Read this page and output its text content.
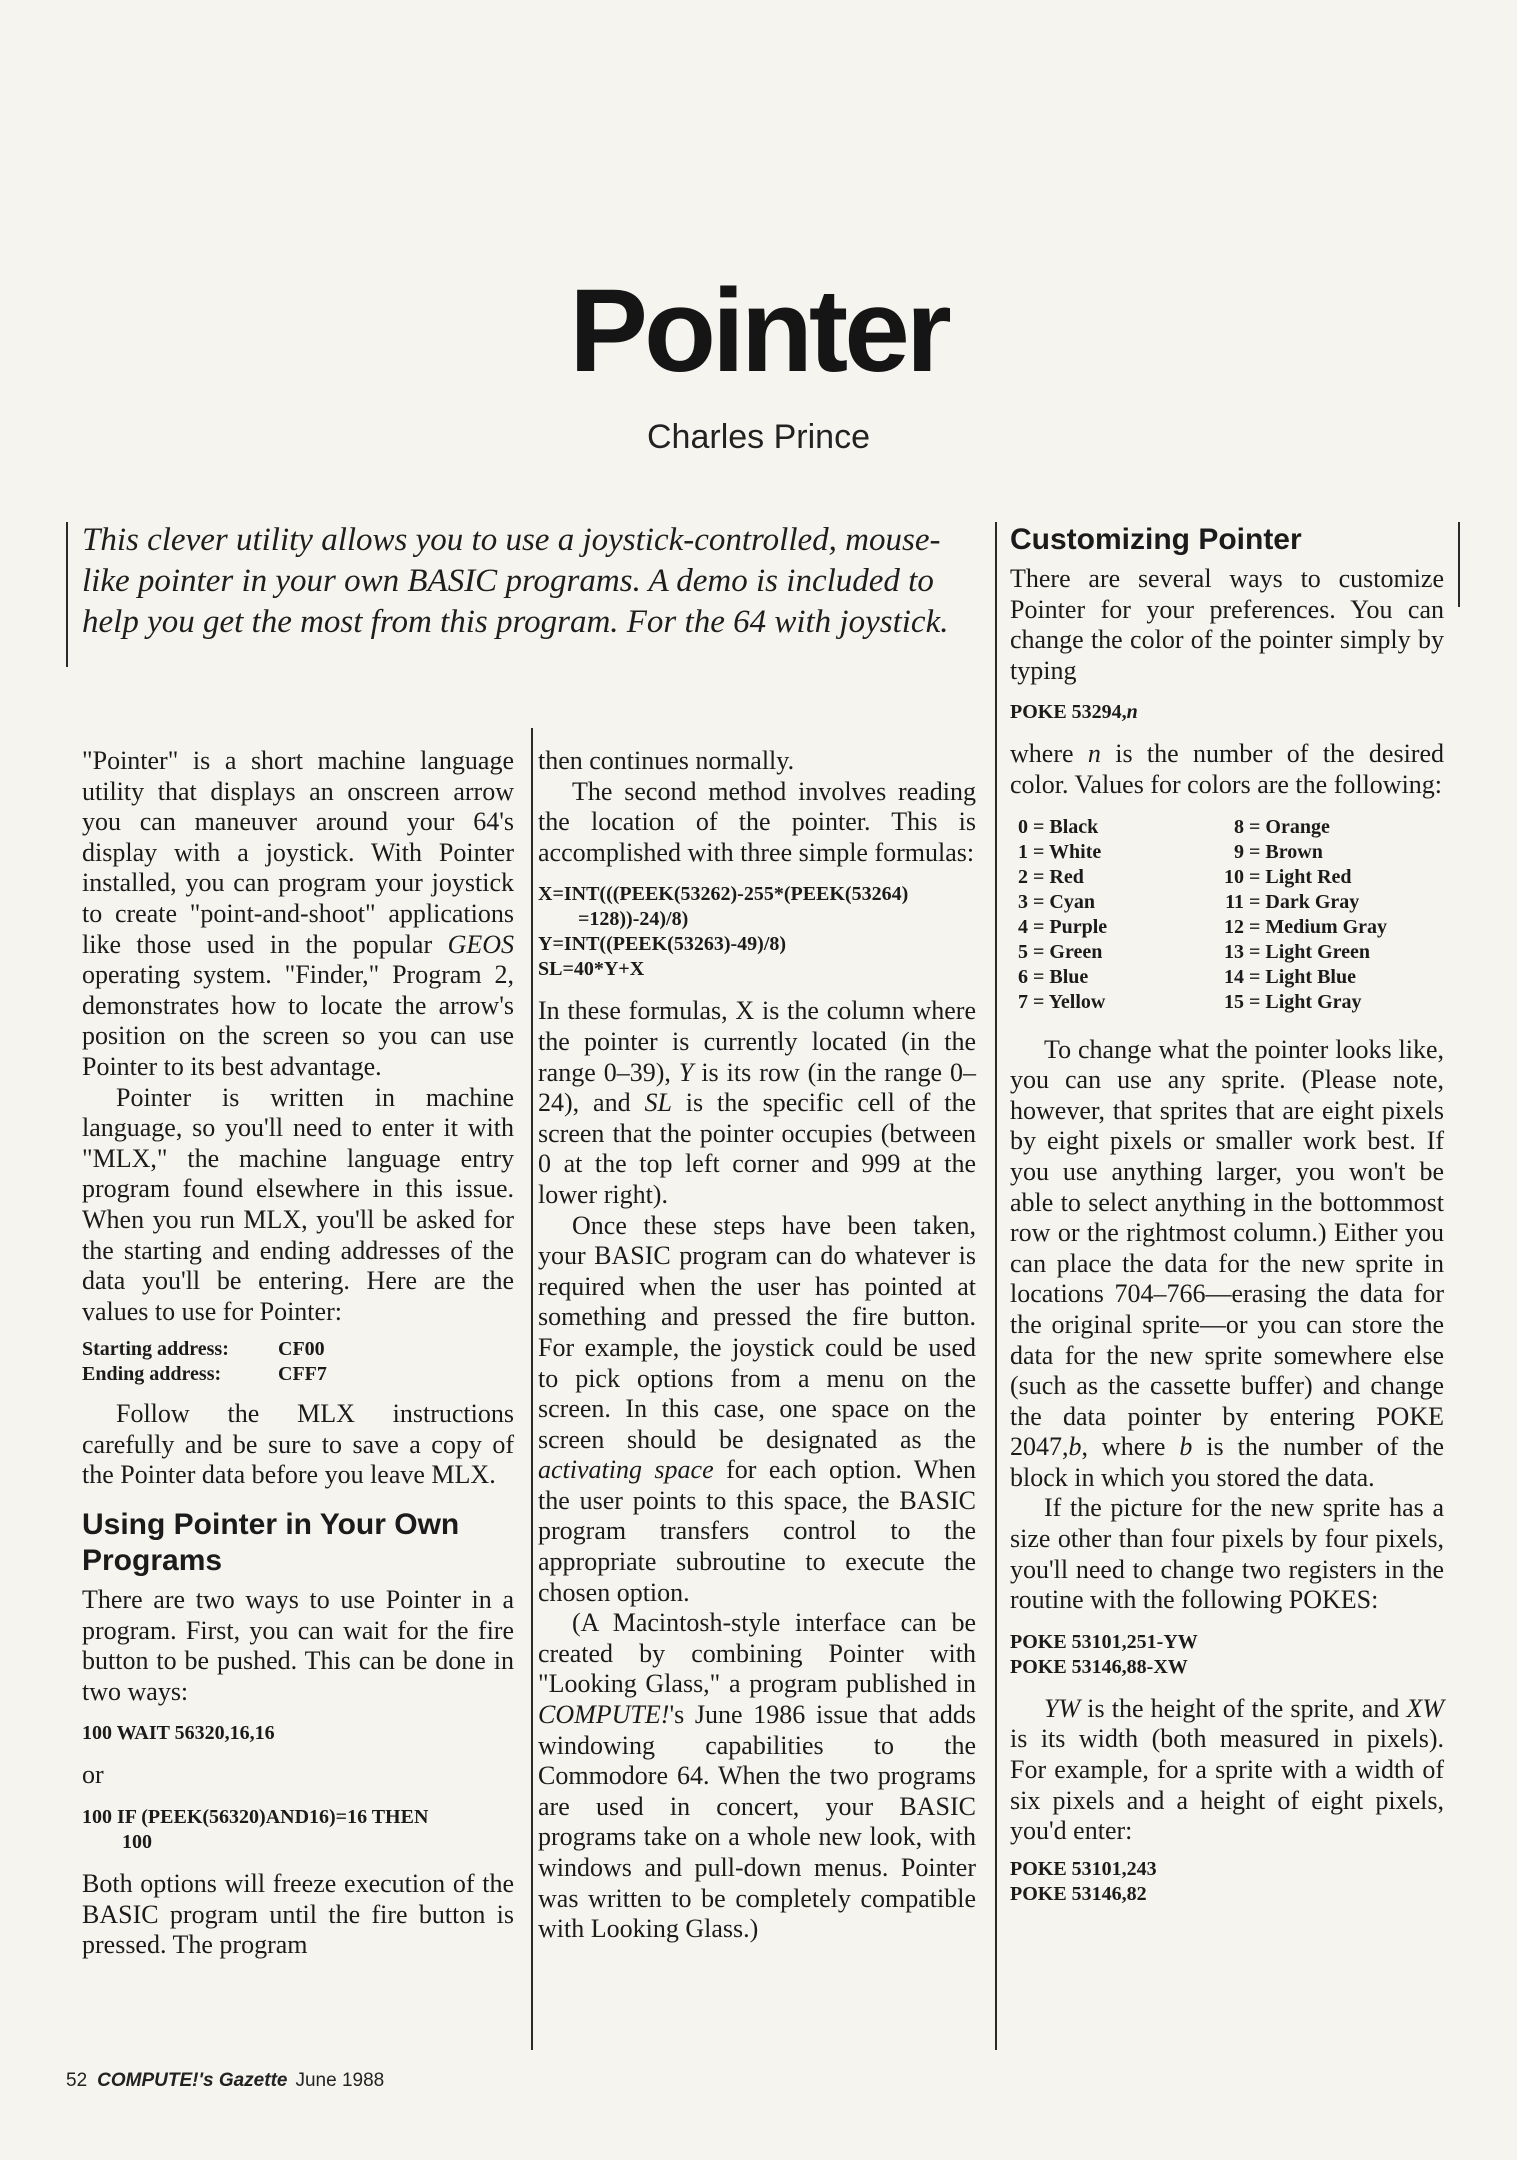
Pointer
Charles Prince
This clever utility allows you to use a joystick-controlled, mouse-like pointer in your own BASIC programs. A demo is included to help you get the most from this program. For the 64 with joystick.

"Pointer" is a short machine language utility that displays an onscreen arrow you can maneuver around your 64's display with a joystick. With Pointer installed, you can program your joystick to create "point-and-shoot" applications like those used in the popular GEOS operating system. "Finder," Program 2, demonstrates how to locate the arrow's position on the screen so you can use Pointer to its best advantage.

Pointer is written in machine language, so you'll need to enter it with "MLX," the machine language entry program found elsewhere in this issue. When you run MLX, you'll be asked for the starting and ending addresses of the data you'll be entering. Here are the values to use for Pointer:

Starting address:	CF00
Ending address:	CFF7

Follow the MLX instructions carefully and be sure to save a copy of the Pointer data before you leave MLX.

Using Pointer in Your Own Programs

There are two ways to use Pointer in a program. First, you can wait for the fire button to be pushed. This can be done in two ways:

100 WAIT 56320,16,16
or
100 IF (PEEK(56320)AND16)=16 THEN
100

Both options will freeze execution of the BASIC program until the fire button is pressed. The program

then continues normally.

The second method involves reading the location of the pointer. This is accomplished with three simple formulas:

X=INT(((PEEK(53262)-255*(PEEK(53264)
=128))-24)/8)
Y=INT((PEEK(53263)-49)/8)
SL=40*Y+X

In these formulas, X is the column where the pointer is currently located (in the range 0–39), Y is its row (in the range 0–24), and SL is the specific cell of the screen that the pointer occupies (between 0 at the top left corner and 999 at the lower right).

Once these steps have been taken, your BASIC program can do whatever is required when the user has pointed at something and pressed the fire button. For example, the joystick could be used to pick options from a menu on the screen. In this case, one space on the screen should be designated as the activating space for each option. When the user points to this space, the BASIC program transfers control to the appropriate subroutine to execute the chosen option.

(A Macintosh-style interface can be created by combining Pointer with "Looking Glass," a program published in COMPUTE!'s June 1986 issue that adds windowing capabilities to the Commodore 64. When the two programs are used in concert, your BASIC programs take on a whole new look, with windows and pull-down menus. Pointer was written to be completely compatible with Looking Glass.)

Customizing Pointer

There are several ways to customize Pointer for your preferences. You can change the color of the pointer simply by typing

POKE 53294,n

where n is the number of the desired color. Values for colors are the following:

0 = Black	8 = Orange
1 = White	9 = Brown
2 = Red	10 = Light Red
3 = Cyan	11 = Dark Gray
4 = Purple	12 = Medium Gray
5 = Green	13 = Light Green
6 = Blue	14 = Light Blue
7 = Yellow	15 = Light Gray

To change what the pointer looks like, you can use any sprite. (Please note, however, that sprites that are eight pixels by eight pixels or smaller work best. If you use anything larger, you won't be able to select anything in the bottommost row or the rightmost column.) Either you can place the data for the new sprite in locations 704–766—erasing the data for the original sprite—or you can store the data for the new sprite somewhere else (such as the cassette buffer) and change the data pointer by entering POKE 2047,b, where b is the number of the block in which you stored the data.

If the picture for the new sprite has a size other than four pixels by four pixels, you'll need to change two registers in the routine with the following POKES:

POKE 53101,251-YW
POKE 53146,88-XW

YW is the height of the sprite, and XW is its width (both measured in pixels). For example, for a sprite with a width of six pixels and a height of eight pixels, you'd enter:

POKE 53101,243
POKE 53146,82
52 COMPUTE!'s Gazette June 1988
